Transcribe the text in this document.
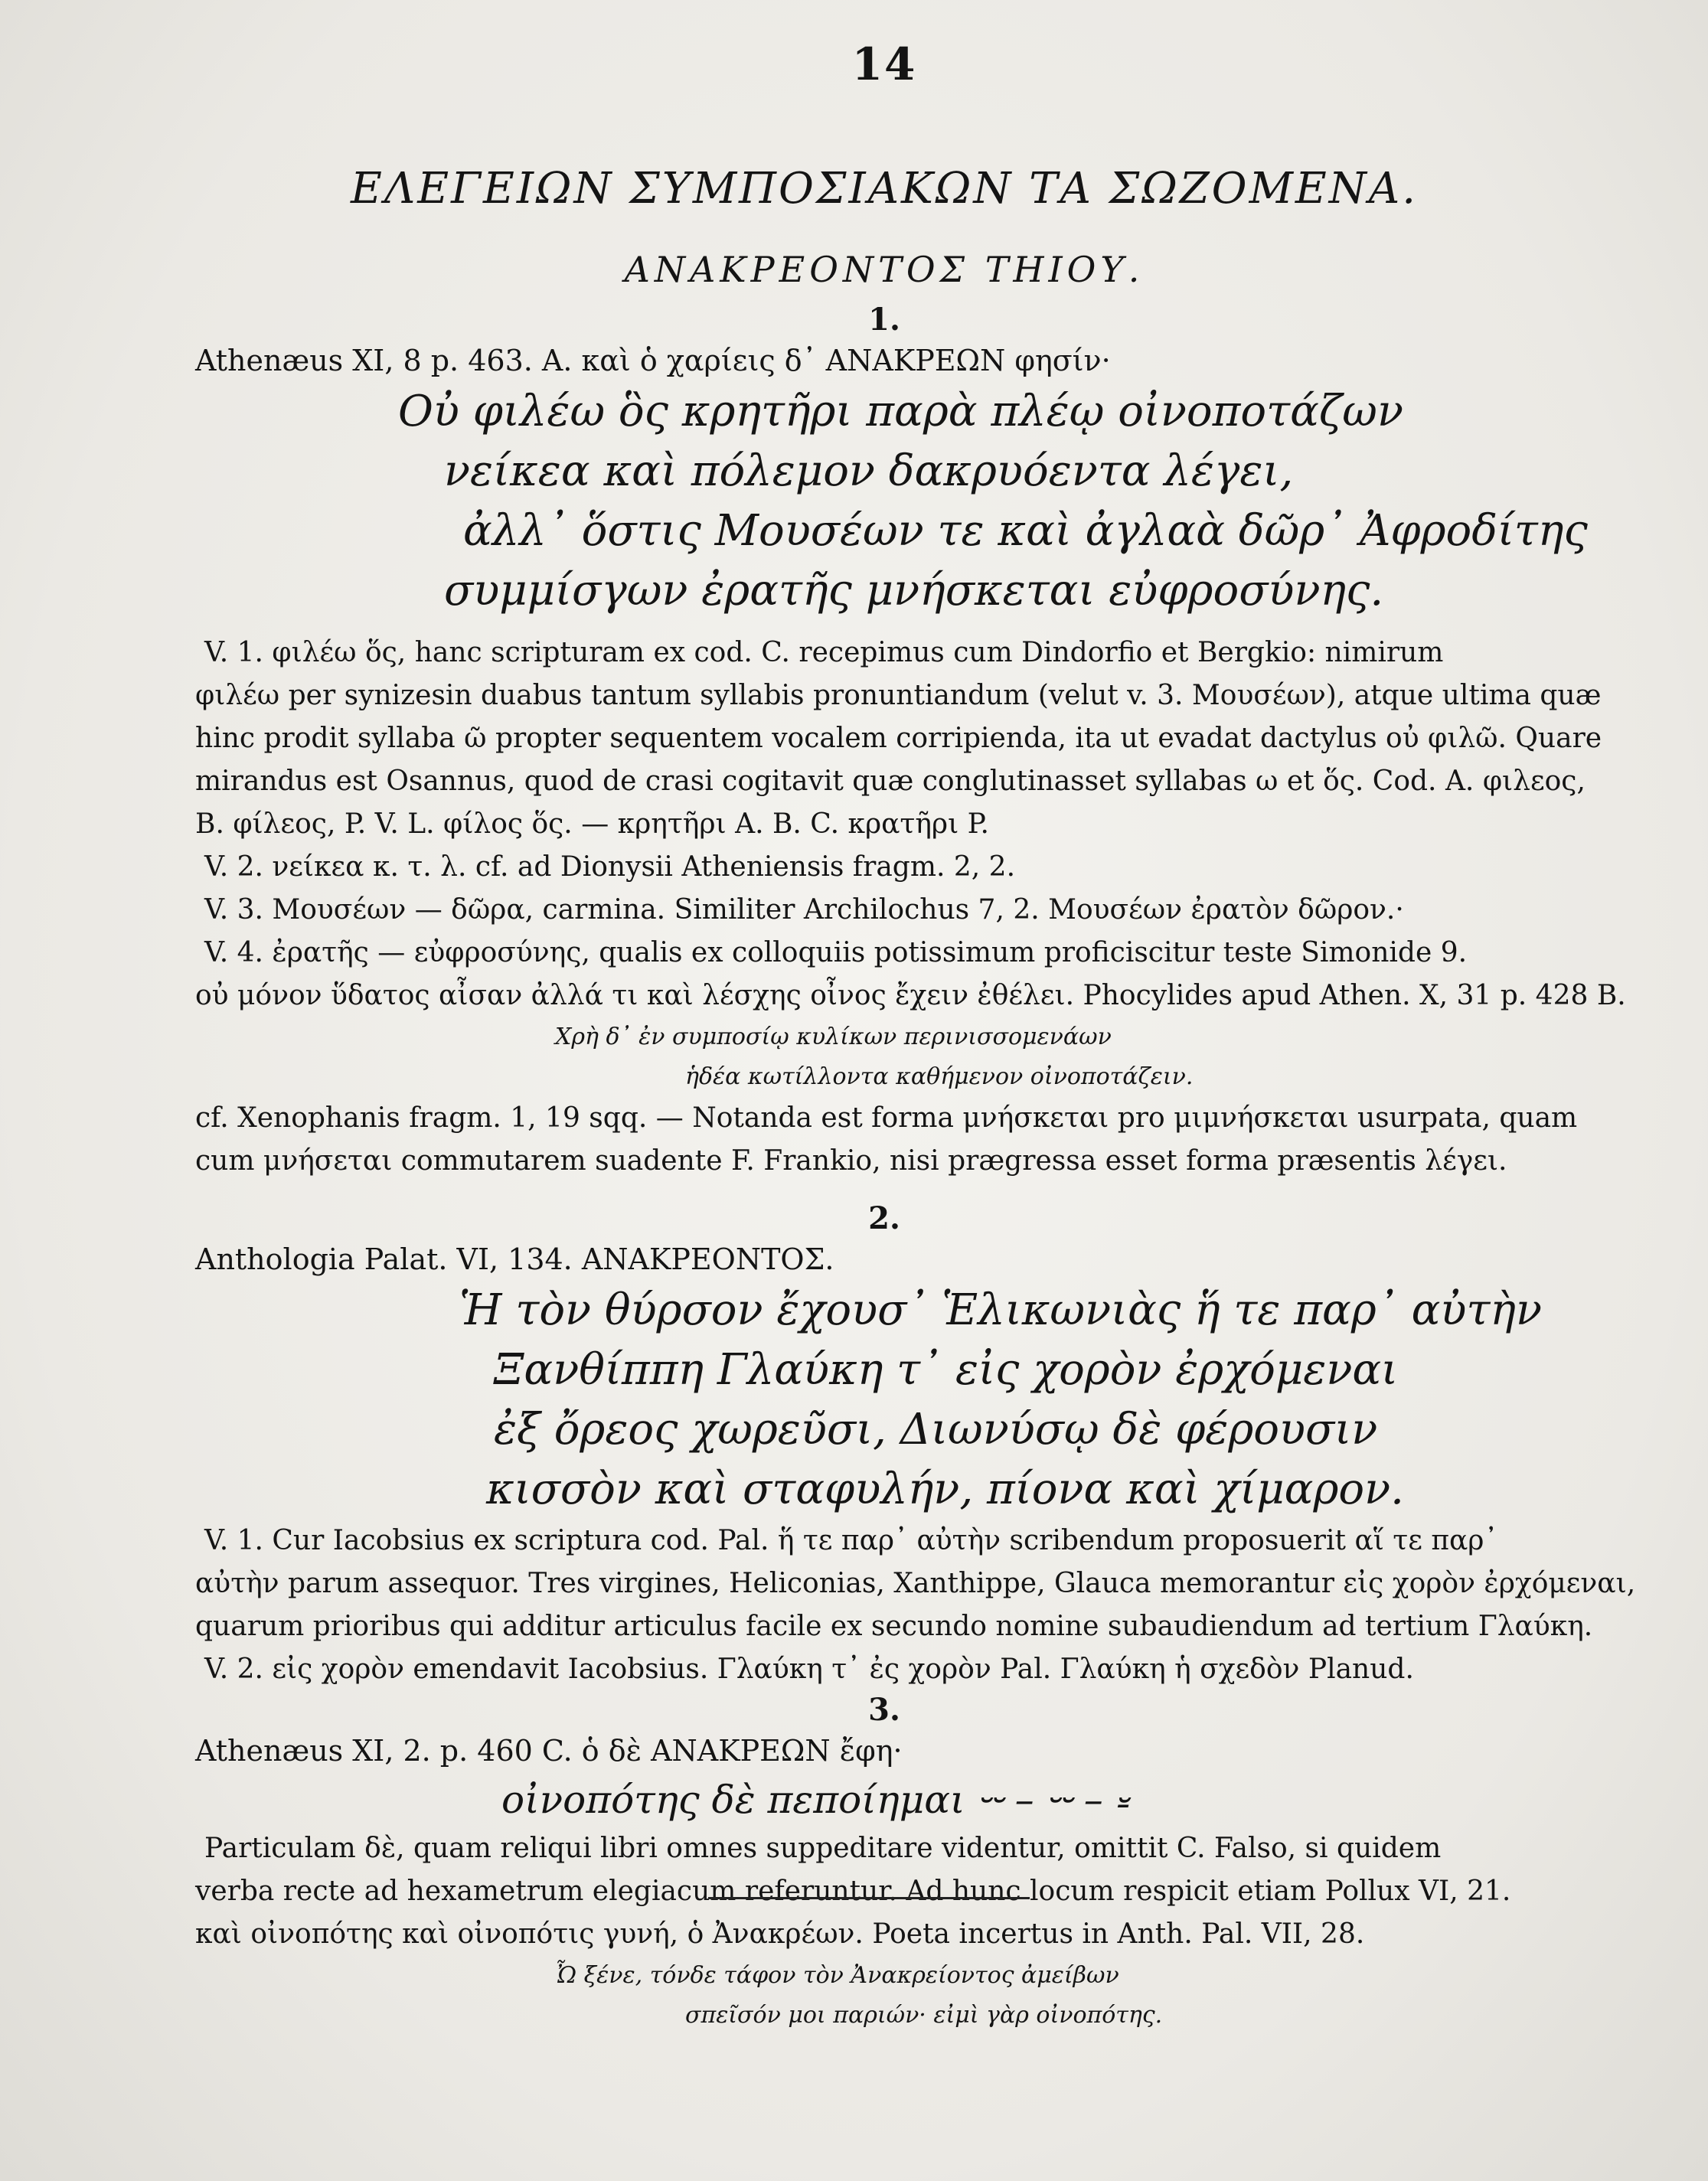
14

ΕΛΕΓΕΙΩΝ ΣΥΜΠΟΣΙΑΚΩΝ ΤΑ ΣΩΖΟΜΕΝΑ.

ΑΝΑΚΡΕΟΝΤΟΣ ΤΗΙΟΥ.

1.

Athenæus XI, 8 p. 463. A. καὶ ὁ χαρίεις δ᾽ ΑΝΑΚΡΕΩΝ φησίν·

Οὐ φιλέω ὃς κρητῆρι παρὰ πλέῳ οἰνοποτάζων

νείκεα καὶ πόλεμον δακρυόεντα λέγει,

ἀλλ᾽ ὅστις Μουσέων τε καὶ ἀγλαὰ δῶρ᾽ Ἀφροδίτης

συμμίσγων ἐρατῆς μνήσκεται εὐφροσύνης.

V. 1. φιλέω ὅς, hanc scripturam ex cod. C. recepimus cum Dindorfio et Bergkio: nimirum

φιλέω per synizesin duabus tantum syllabis pronuntiandum (velut v. 3. Μουσέων), atque ultima quæ

hinc prodit syllaba ῶ propter sequentem vocalem corripienda, ita ut evadat dactylus οὐ φιλῶ. Quare

mirandus est Osannus, quod de crasi cogitavit quæ conglutinasset syllabas ω et ὅς. Cod. A. φιλεος,

B. φίλεος, P. V. L. φίλος ὅς. — κρητῆρι A. B. C. κρατῆρι P.

V. 2. νείκεα κ. τ. λ. cf. ad Dionysii Atheniensis fragm. 2, 2.

V. 3. Μουσέων — δῶρα, carmina. Similiter Archilochus 7, 2. Μουσέων ἐρατὸν δῶρον.·

V. 4. ἐρατῆς — εὐφροσύνης, qualis ex colloquiis potissimum proficiscitur teste Simonide 9.

οὐ μόνον ὕδατος αἶσαν ἀλλά τι καὶ λέσχης οἶνος ἔχειν ἐθέλει. Phocylides apud Athen. X, 31 p. 428 B.

Χρὴ δ᾽ ἐν συμποσίῳ κυλίκων περινισσομενάων

ἡδέα κωτίλλοντα καθήμενον οἰνοποτάζειν.

cf. Xenophanis fragm. 1, 19 sqq. — Notanda est forma μνήσκεται pro μιμνήσκεται usurpata, quam

cum μνήσεται commutarem suadente F. Frankio, nisi prægressa esset forma præsentis λέγει.

2.

Anthologia Palat. VI, 134. ΑΝΑΚΡΕΟΝΤΟΣ.

Ἡ τὸν θύρσον ἔχουσ᾽ Ἑλικωνιὰς ἥ τε παρ᾽ αὐτὴν

Ξανθίππη Γλαύκη τ᾽ εἰς χορὸν ἐρχόμεναι

ἐξ ὄρεος χωρεῦσι, Διωνύσῳ δὲ φέρουσιν

κισσὸν καὶ σταφυλήν, πίονα καὶ χίμαρον.

V. 1. Cur Iacobsius ex scriptura cod. Pal. ἥ τε παρ᾽ αὐτὴν scribendum proposuerit αἵ τε παρ᾽

αὐτὴν parum assequor. Tres virgines, Heliconias, Xanthippe, Glauca memorantur εἰς χορὸν ἐρχόμεναι,

quarum prioribus qui additur articulus facile ex secundo nomine subaudiendum ad tertium Γλαύκη.

V. 2. εἰς χορὸν emendavit Iacobsius. Γλαύκη τ᾽ ἐς χορὸν Pal. Γλαύκη ἡ σχεδὸν Planud.

3.

Athenæus XI, 2. p. 460 C. ὁ δὲ ΑΝΑΚΡΕΩΝ ἔφη·

οἰνοπότης δὲ πεποίημαι ⏑⏑ – ⏑⏑ – ⏓

Particulam δὲ, quam reliqui libri omnes suppeditare videntur, omittit C. Falso, si quidem

verba recte ad hexametrum elegiacum referuntur. Ad hunc locum respicit etiam Pollux VI, 21.

καὶ οἰνοπότης καὶ οἰνοπότις γυνή, ὁ Ἀνακρέων. Poeta incertus in Anth. Pal. VII, 28.

Ὦ ξένε, τόνδε τάφον τὸν Ἀνακρείοντος ἀμείβων

σπεῖσόν μοι παριών· εἰμὶ γὰρ οἰνοπότης.
